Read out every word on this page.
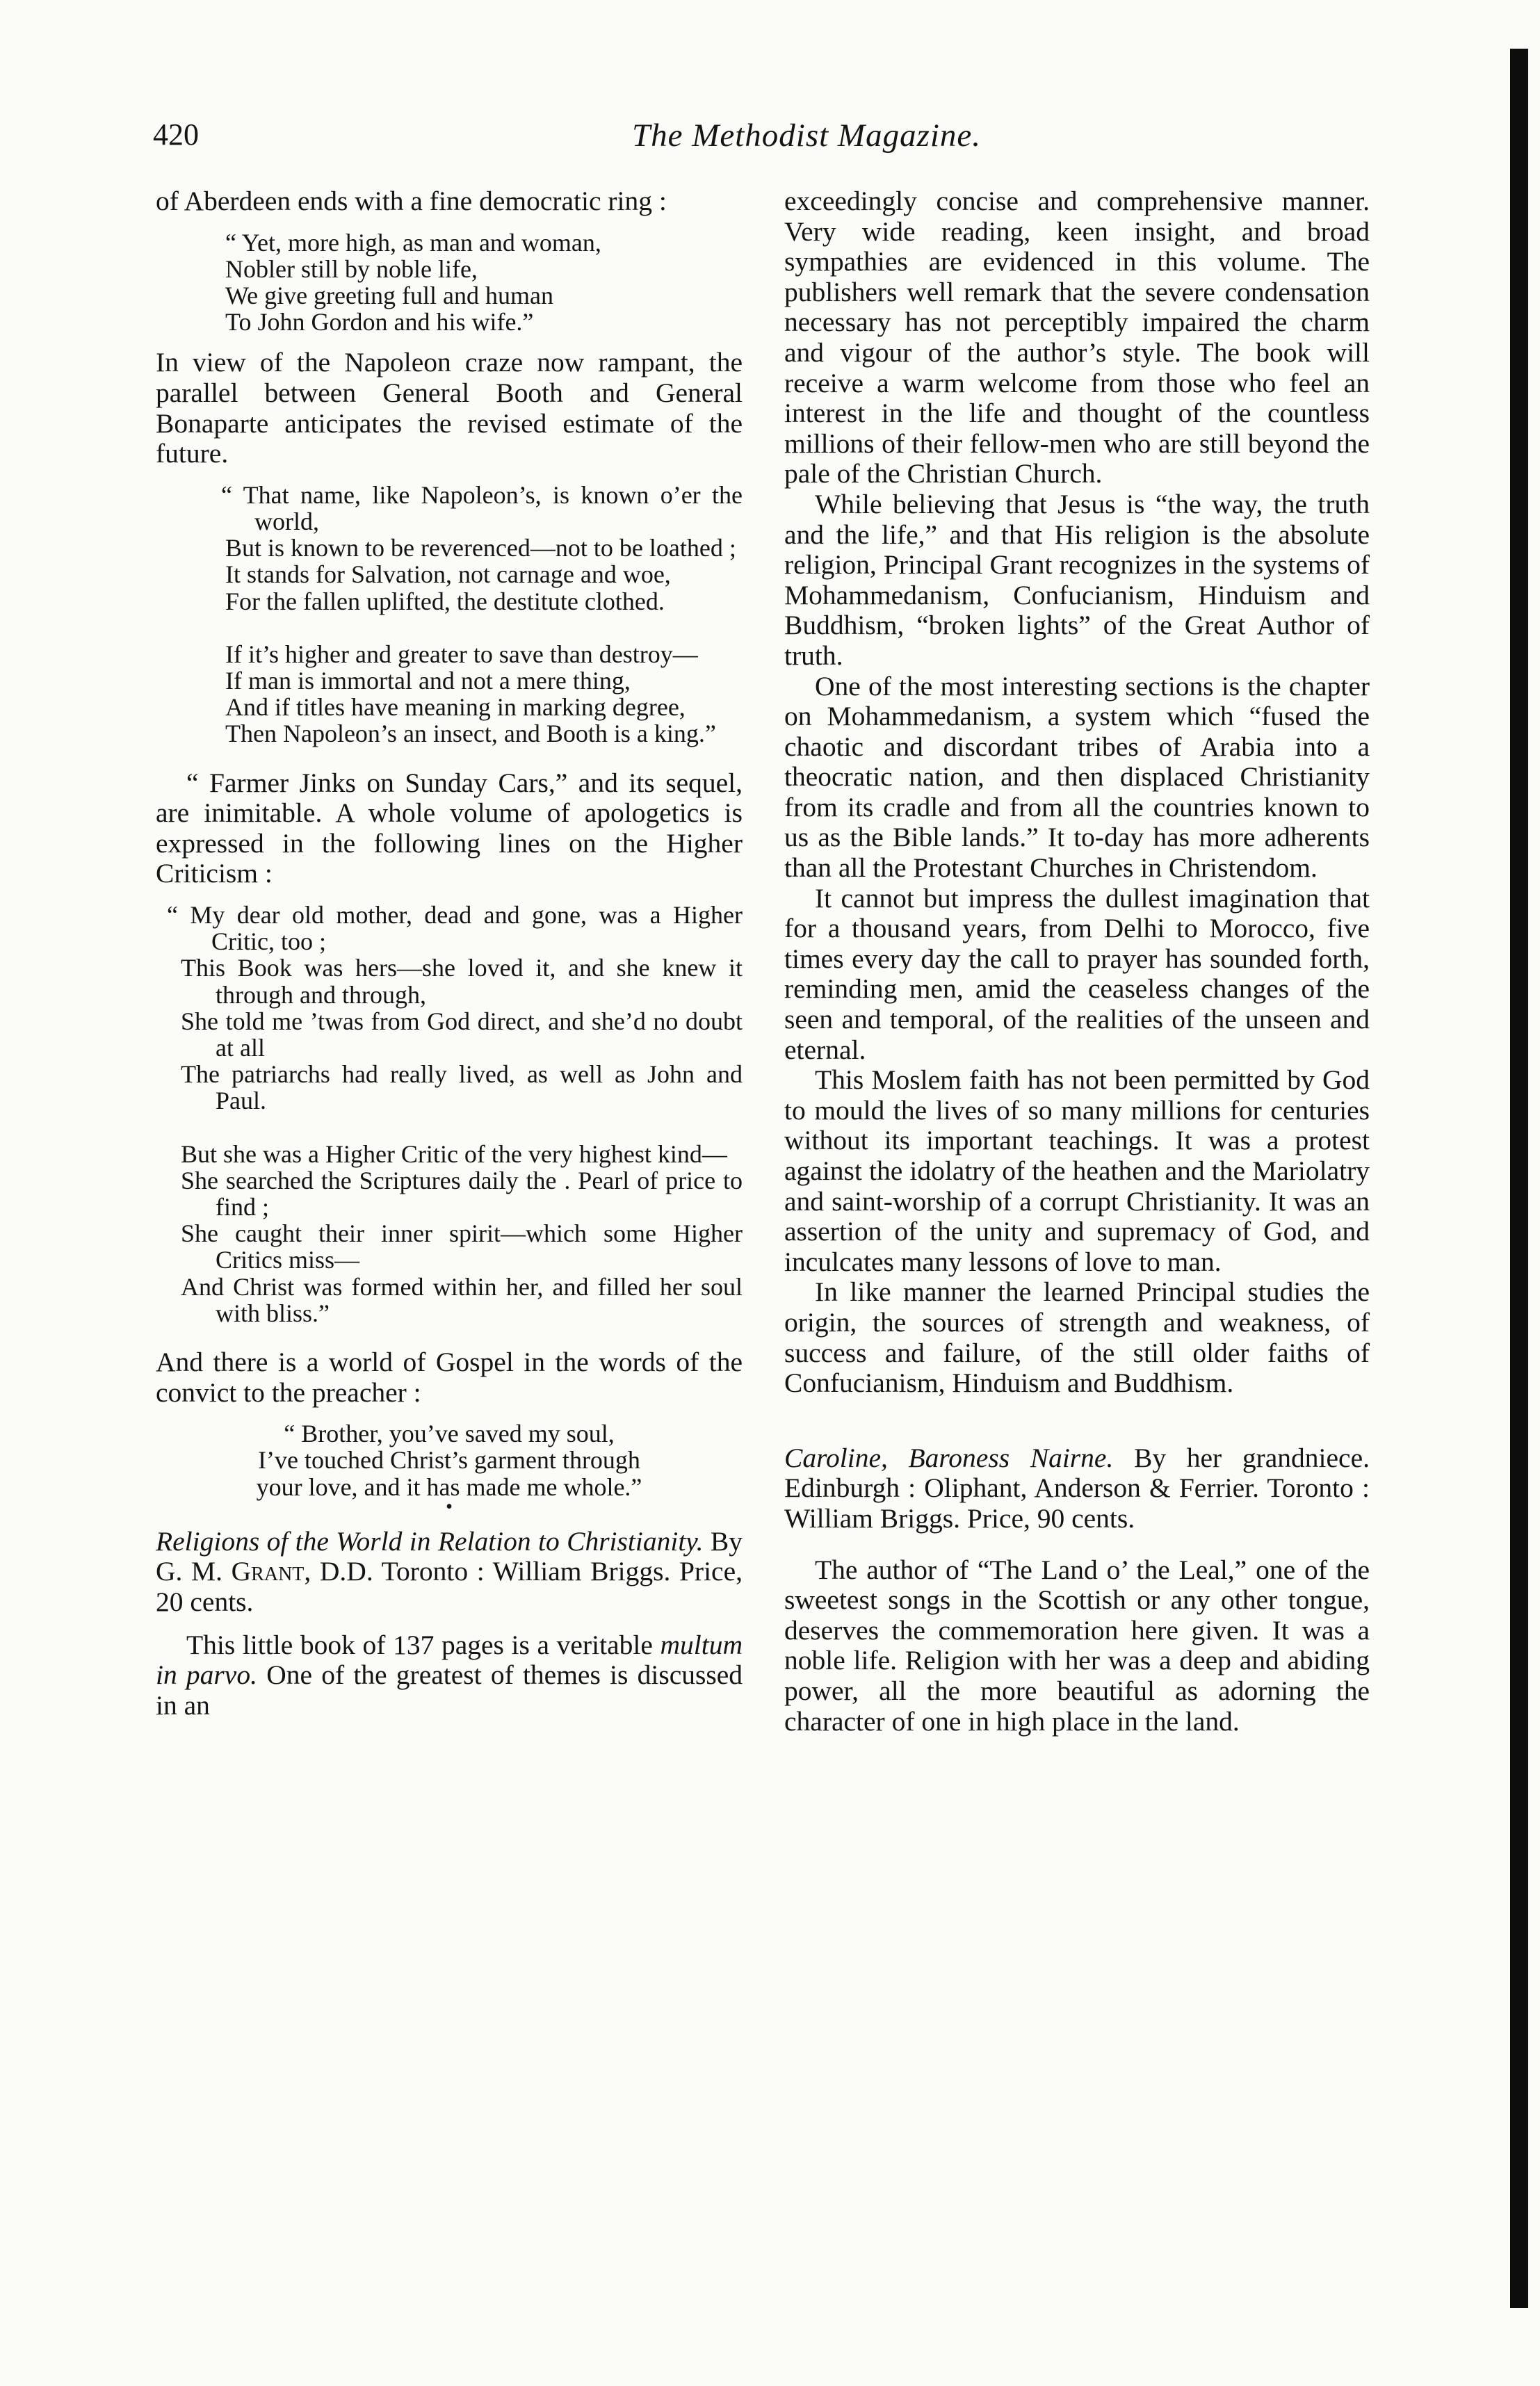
420	The Methodist Magazine.

of Aberdeen ends with a fine democratic ring :

“ Yet, more high, as man and woman,
Nobler still by noble life,
We give greeting full and human
To John Gordon and his wife.”

In view of the Napoleon craze now rampant, the parallel between General Booth and General Bonaparte anticipates the revised estimate of the future.

“ That name, like Napoleon’s, is known o’er the world,
But is known to be reverenced—not to be loathed ;
It stands for Salvation, not carnage and woe,
For the fallen uplifted, the destitute clothed.
If it’s higher and greater to save than destroy—
If man is immortal and not a mere thing,
And if titles have meaning in marking degree,
Then Napoleon’s an insect, and Booth is a king.”

“ Farmer Jinks on Sunday Cars,” and its sequel, are inimitable. A whole volume of apologetics is expressed in the following lines on the Higher Criticism :

“ My dear old mother, dead and gone, was a Higher Critic, too ;
This Book was hers—she loved it, and she knew it through and through,
She told me ’twas from God direct, and she’d no doubt at all
The patriarchs had really lived, as well as John and Paul.
But she was a Higher Critic of the very highest kind—
She searched the Scriptures daily the . Pearl of price to find ;
She caught their inner spirit—which some Higher Critics miss—
And Christ was formed within her, and filled her soul with bliss.”

And there is a world of Gospel in the words of the convict to the preacher :

“ Brother, you’ve saved my soul,
I’ve touched Christ’s garment through
your love, and it has made me whole.”
•

Religions of the World in Relation to Christianity. By G. M. Grant, D.D. Toronto : William Briggs. Price, 20 cents.

This little book of 137 pages is a veritable multum in parvo. One of the greatest of themes is discussed in an

exceedingly concise and comprehensive manner. Very wide reading, keen insight, and broad sympathies are evidenced in this volume. The publishers well remark that the severe condensation necessary has not perceptibly impaired the charm and vigour of the author’s style. The book will receive a warm welcome from those who feel an interest in the life and thought of the countless millions of their fellow-men who are still beyond the pale of the Christian Church.

While believing that Jesus is “the way, the truth and the life,” and that His religion is the absolute religion, Principal Grant recognizes in the systems of Mohammedanism, Confucianism, Hinduism and Buddhism, “broken lights” of the Great Author of truth.

One of the most interesting sections is the chapter on Mohammedanism, a system which “fused the chaotic and discordant tribes of Arabia into a theocratic nation, and then displaced Christianity from its cradle and from all the countries known to us as the Bible lands.” It to-day has more adherents than all the Protestant Churches in Christendom.

It cannot but impress the dullest imagination that for a thousand years, from Delhi to Morocco, five times every day the call to prayer has sounded forth, reminding men, amid the ceaseless changes of the seen and temporal, of the realities of the unseen and eternal.

This Moslem faith has not been permitted by God to mould the lives of so many millions for centuries without its important teachings. It was a protest against the idolatry of the heathen and the Mariolatry and saint-worship of a corrupt Christianity. It was an assertion of the unity and supremacy of God, and inculcates many lessons of love to man.

In like manner the learned Principal studies the origin, the sources of strength and weakness, of success and failure, of the still older faiths of Confucianism, Hinduism and Buddhism.

Caroline, Baroness Nairne. By her grandniece. Edinburgh : Oliphant, Anderson & Ferrier. Toronto : William Briggs. Price, 90 cents.

The author of “The Land o’ the Leal,” one of the sweetest songs in the Scottish or any other tongue, deserves the commemoration here given. It was a noble life. Religion with her was a deep and abiding power, all the more beautiful as adorning the character of one in high place in the land.
